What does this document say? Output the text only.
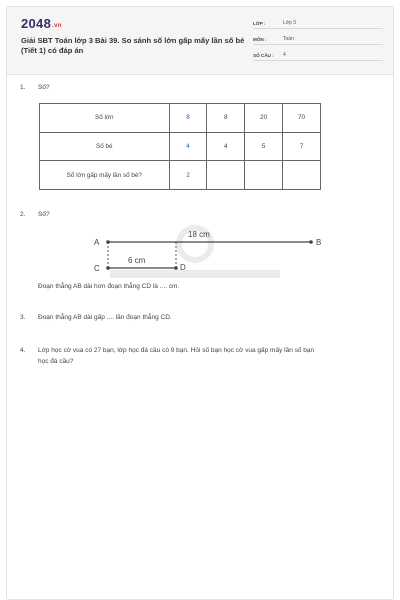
2048.vn
Giải SBT Toán lớp 3 Bài 39. So sánh số lớn gấp mấy lần số bé (Tiết 1) có đáp án
LỚP :	Lớp 3
MÔN :	Toán
SỐ CÂU :	4
1. Số?
Số lớn	8	8	20	70
Số bé	4	4	5	7
Số lớn gấp mấy lần số bé?	2			
2. Số?
A	B
C	D
18 cm
6 cm
Đoạn thẳng AB dài hơn đoạn thẳng CD là .... cm.
3. Đoạn thẳng AB dài gấp .... lần đoạn thẳng CD.
4. Lớp học cờ vua có 27 bạn, lớp học đá cầu có 9 bạn. Hỏi số bạn học cờ vua gấp mấy lần số bạn
học đá cầu?
